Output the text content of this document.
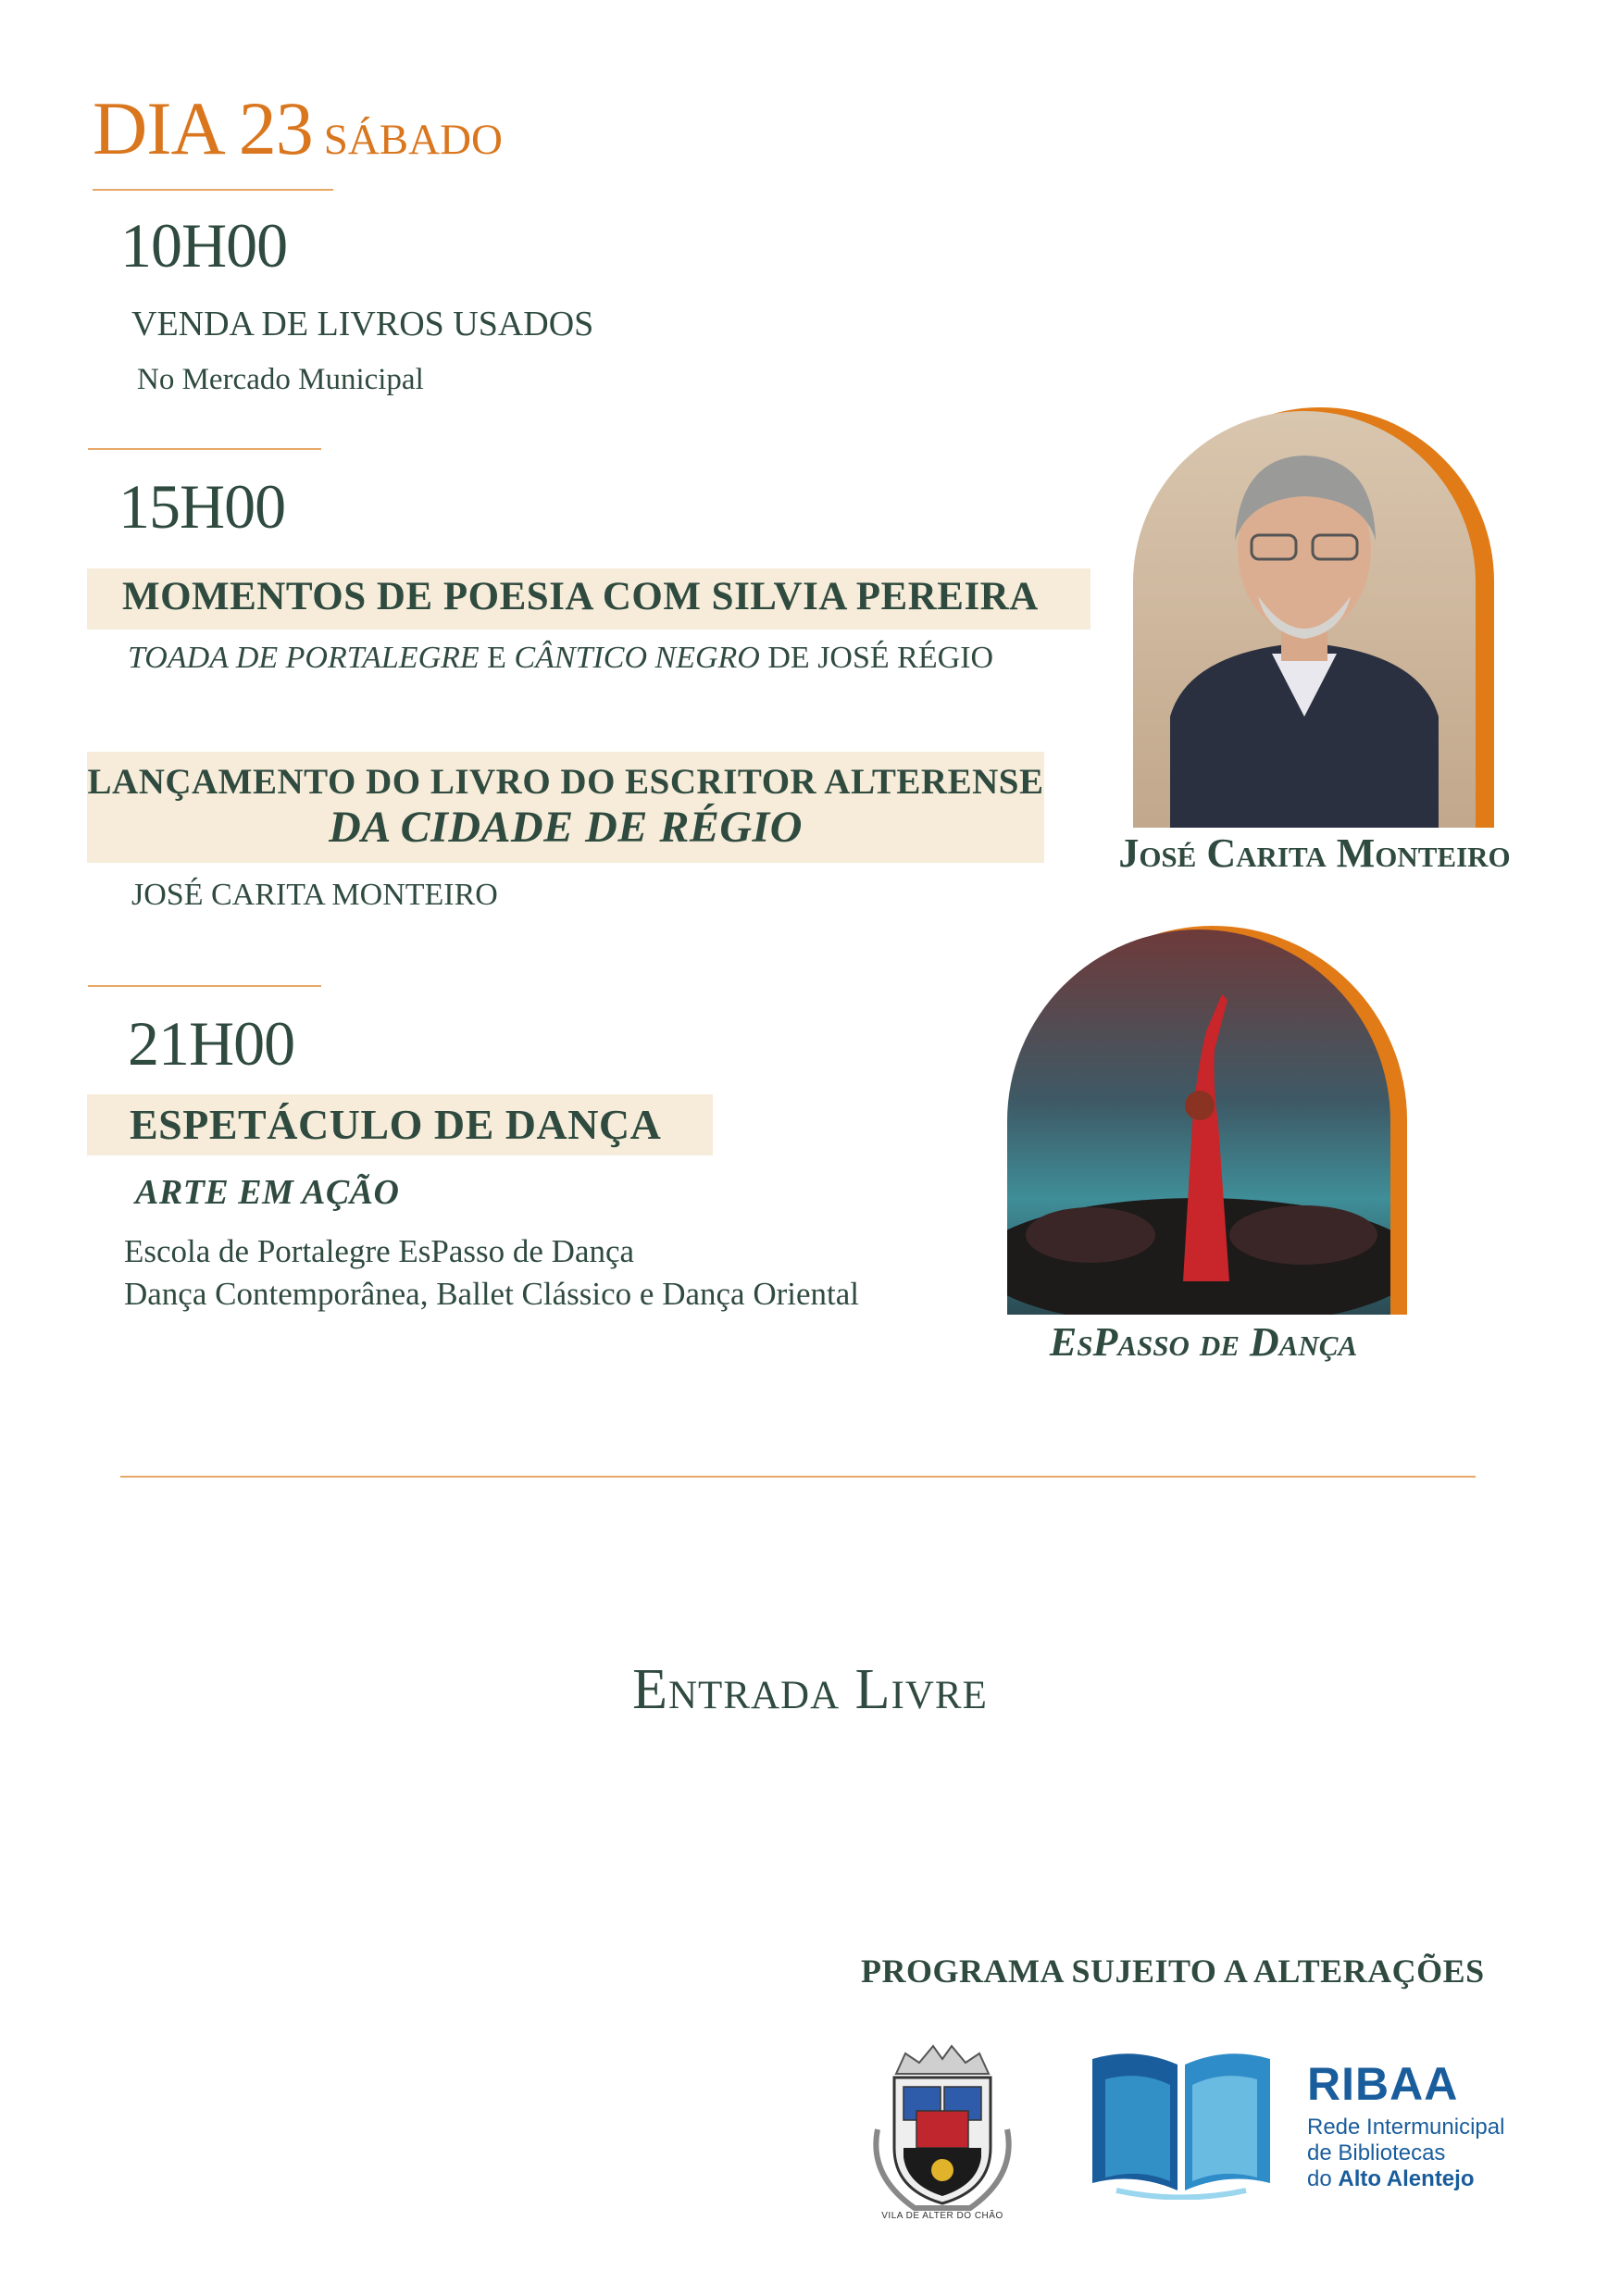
DIA 23 SÁBADO
10H00
VENDA DE LIVROS USADOS
No Mercado Municipal
15H00
MOMENTOS DE POESIA COM SILVIA PEREIRA
TOADA DE PORTALEGRE E CÂNTICO NEGRO DE JOSÉ RÉGIO
LANÇAMENTO DO LIVRO DO ESCRITOR ALTERENSE
DA CIDADE DE RÉGIO
JOSÉ CARITA MONTEIRO
21H00
ESPETÁCULO DE DANÇA
ARTE EM AÇÃO
Escola de Portalegre EsPasso de Dança
Dança Contemporânea, Ballet Clássico e Dança Oriental
José Carita Monteiro
EsPasso de Dança
Entrada Livre
PROGRAMA SUJEITO A ALTERAÇÕES
VILA DE ALTER DO CHÃO
RIBAA
Rede Intermunicipal
de Bibliotecas
do Alto Alentejo
